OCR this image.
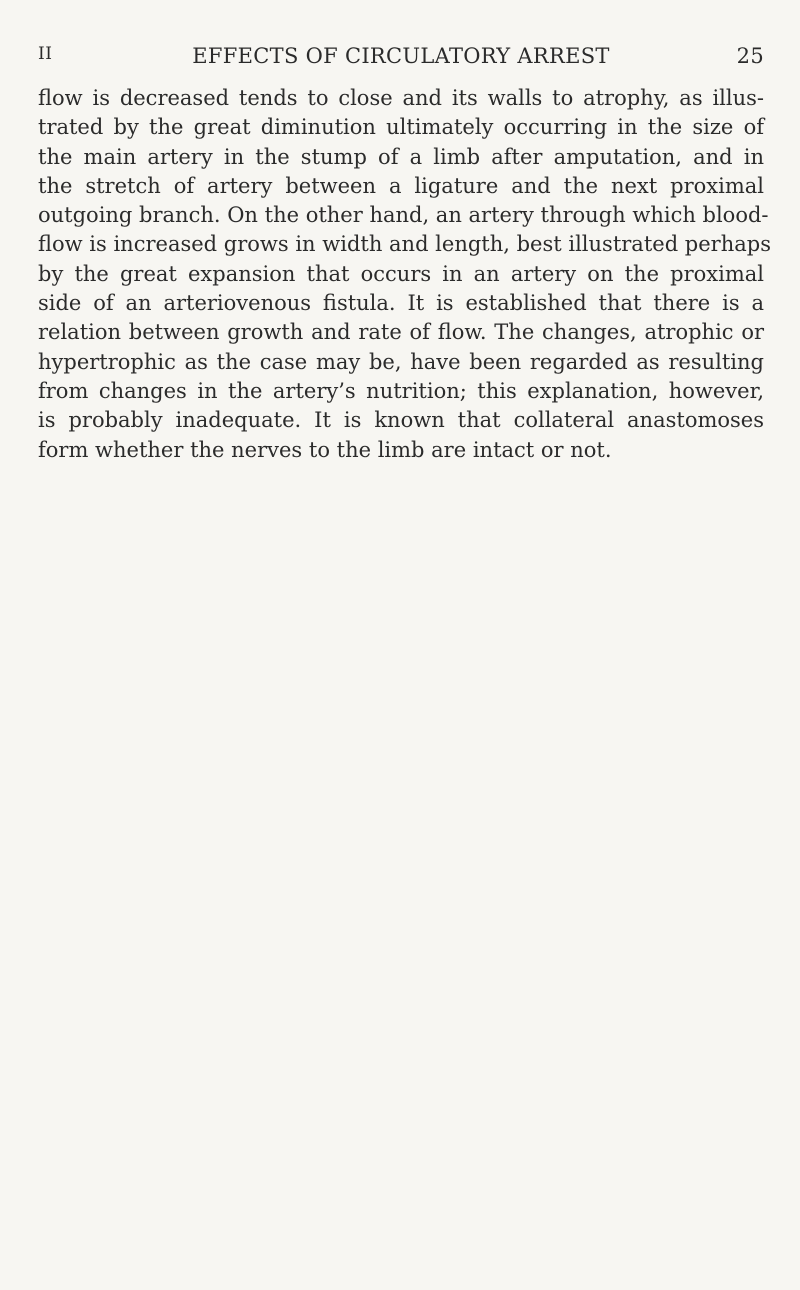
II	EFFECTS OF CIRCULATORY ARREST	25

flow is decreased tends to close and its walls to atrophy, as illus-
trated by the great diminution ultimately occurring in the size of
the main artery in the stump of a limb after amputation, and in
the stretch of artery between a ligature and the next proximal
outgoing branch. On the other hand, an artery through which blood-
flow is increased grows in width and length, best illustrated perhaps
by the great expansion that occurs in an artery on the proximal
side of an arteriovenous fistula. It is established that there is a
relation between growth and rate of flow. The changes, atrophic or
hypertrophic as the case may be, have been regarded as resulting
from changes in the artery’s nutrition; this explanation, however,
is probably inadequate. It is known that collateral anastomoses
form whether the nerves to the limb are intact or not.
